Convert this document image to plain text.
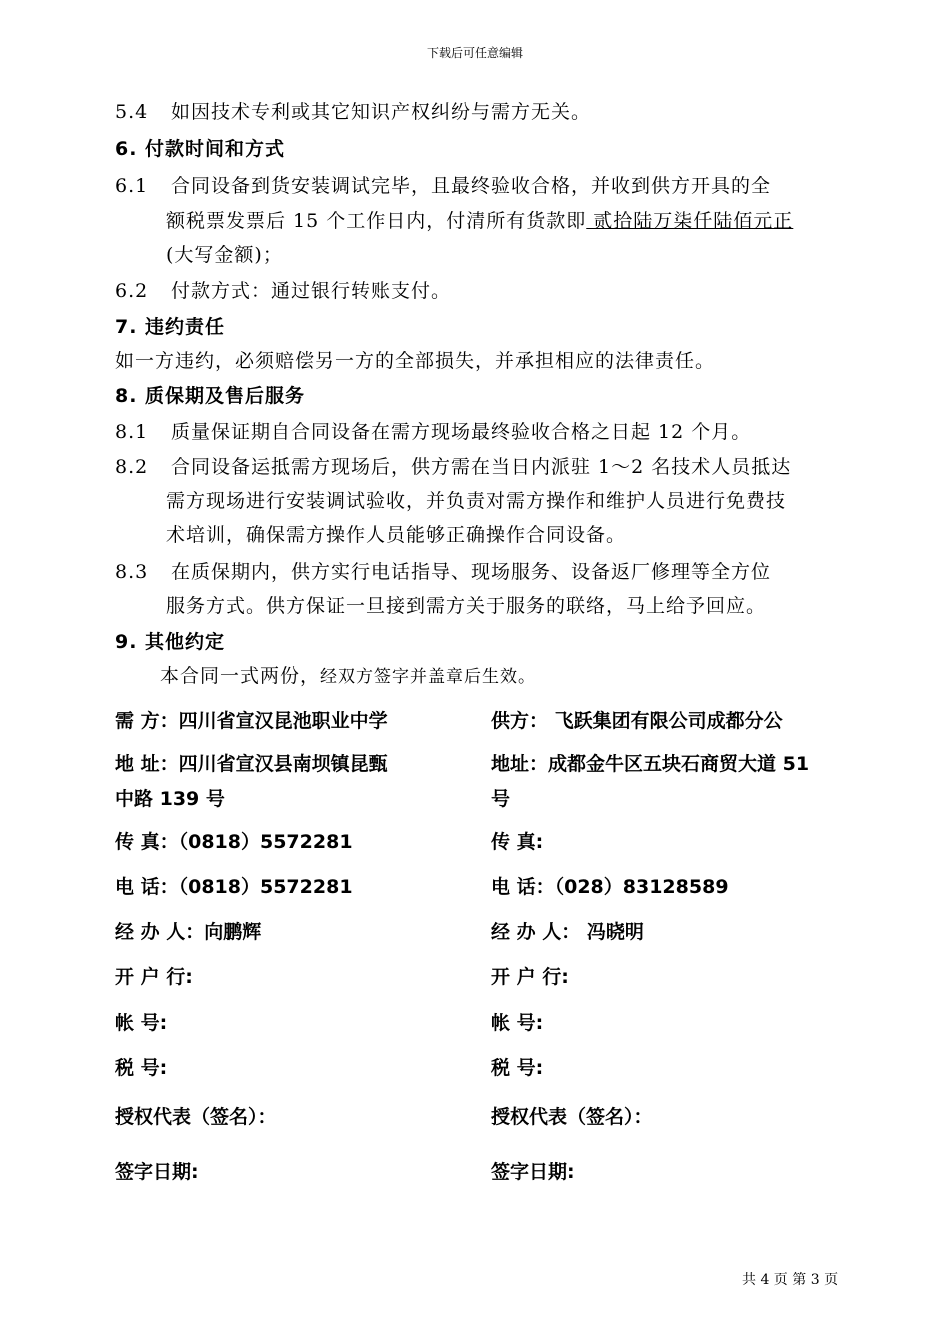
下载后可任意编辑
5.4 如因技术专利或其它知识产权纠纷与需方无关。
6. 付款时间和方式
6.1 合同设备到货安装调试完毕，且最终验收合格，并收到供方开具的全
额税票发票后 15 个工作日内，付清所有货款即 贰拾陆万柒仟陆佰元正
(大写金额)；
6.2 付款方式：通过银行转账支付。
7. 违约责任
如一方违约，必须赔偿另一方的全部损失，并承担相应的法律责任。
8. 质保期及售后服务
8.1 质量保证期自合同设备在需方现场最终验收合格之日起 12 个月。
8.2 合同设备运抵需方现场后，供方需在当日内派驻 1～2 名技术人员抵达
需方现场进行安装调试验收，并负责对需方操作和维护人员进行免费技
术培训，确保需方操作人员能够正确操作合同设备。
8.3 在质保期内，供方实行电话指导、现场服务、设备返厂修理等全方位
服务方式。供方保证一旦接到需方关于服务的联络，马上给予回应。
9. 其他约定
本合同一式两份，经双方签字并盖章后生效。
需 方：四川省宣汉昆池职业中学
地 址：四川省宣汉县南坝镇昆甄
中路 139 号
传 真：（0818）5572281
电 话：（0818）5572281
经 办 人：向鹏辉
开 户 行:
帐 号:
税 号:
授权代表（签名）：
签字日期:
供方： 飞跃集团有限公司成都分公
地址：成都金牛区五块石商贸大道 51
号
传 真:
电 话：（028）83128589
经 办 人： 冯晓明
开 户 行:
帐 号:
税 号:
授权代表（签名）：
签字日期:
共 4 页 第 3 页
